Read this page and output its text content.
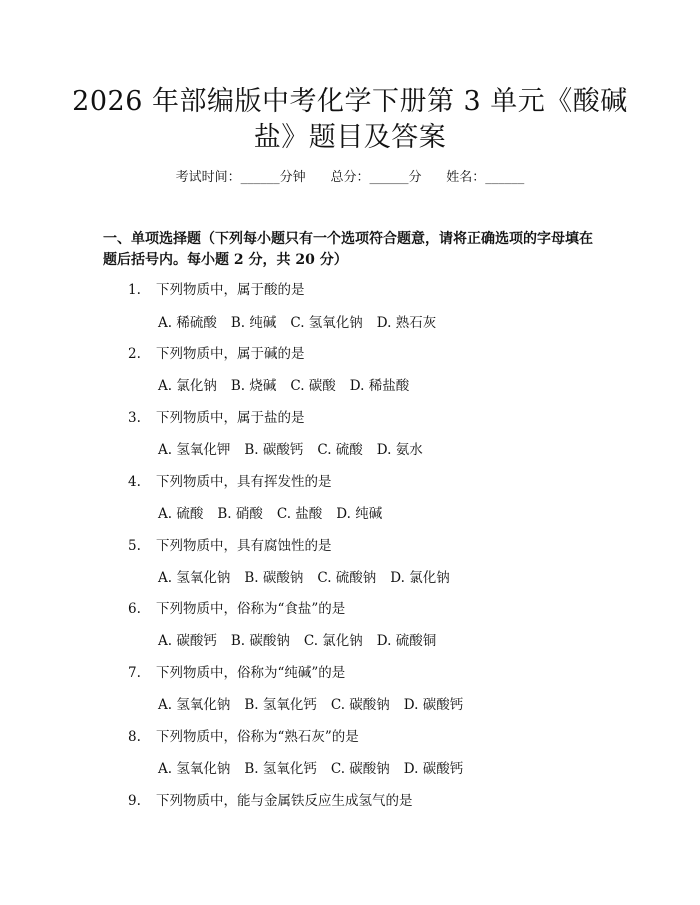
2026 年部编版中考化学下册第 3 单元《酸碱
盐》题目及答案
考试时间：______分钟 总分：______分 姓名：______
一、单项选择题（下列每小题只有一个选项符合题意，请将正确选项的字母填在题后括号内。每小题 2 分，共 20 分）
1. 下列物质中，属于酸的是
A. 稀硫酸 B. 纯碱 C. 氢氧化钠 D. 熟石灰
2. 下列物质中，属于碱的是
A. 氯化钠 B. 烧碱 C. 碳酸 D. 稀盐酸
3. 下列物质中，属于盐的是
A. 氢氧化钾 B. 碳酸钙 C. 硫酸 D. 氨水
4. 下列物质中，具有挥发性的是
A. 硫酸 B. 硝酸 C. 盐酸 D. 纯碱
5. 下列物质中，具有腐蚀性的是
A. 氢氧化钠 B. 碳酸钠 C. 硫酸钠 D. 氯化钠
6. 下列物质中，俗称为“食盐”的是
A. 碳酸钙 B. 碳酸钠 C. 氯化钠 D. 硫酸铜
7. 下列物质中，俗称为“纯碱”的是
A. 氢氧化钠 B. 氢氧化钙 C. 碳酸钠 D. 碳酸钙
8. 下列物质中，俗称为“熟石灰”的是
A. 氢氧化钠 B. 氢氧化钙 C. 碳酸钠 D. 碳酸钙
9. 下列物质中，能与金属铁反应生成氢气的是
